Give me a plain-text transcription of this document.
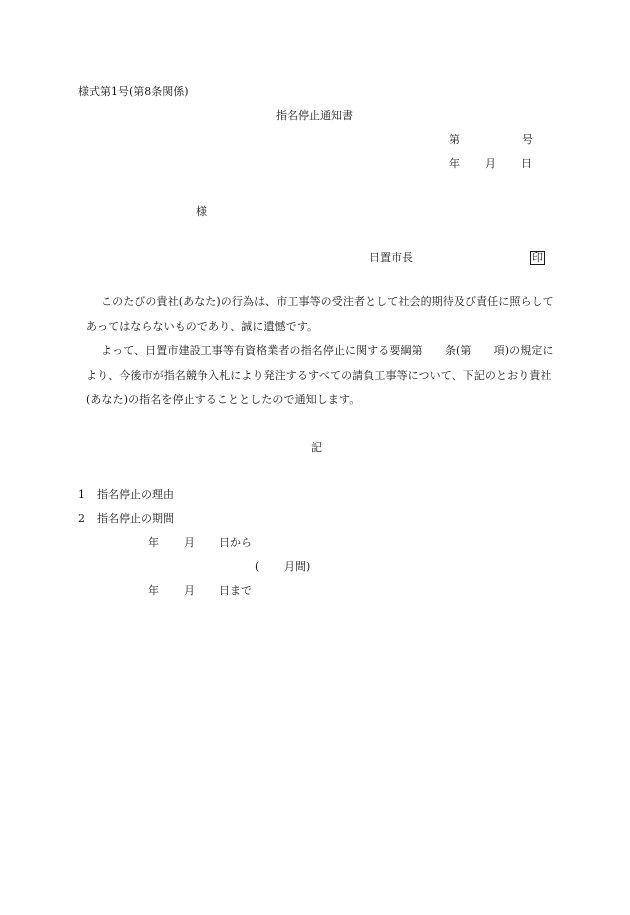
様式第1号(第8条関係)
指名停止通知書
第	号
年 月 日
様
日置市長	印
このたびの貴社(あなた)の行為は、市工事等の受注者として社会的期待及び責任に照らしてあってはならないものであり、誠に遺憾です。
よって、日置市建設工事等有資格業者の指名停止に関する要綱第　　条(第　　項)の規定により、今後市が指名競争入札により発注するすべての請負工事等について、下記のとおり貴社(あなた)の指名を停止することとしたので通知します。
記
1 指名停止の理由
2 指名停止の期間
年 月 日から
( 月間)
年 月 日まで
